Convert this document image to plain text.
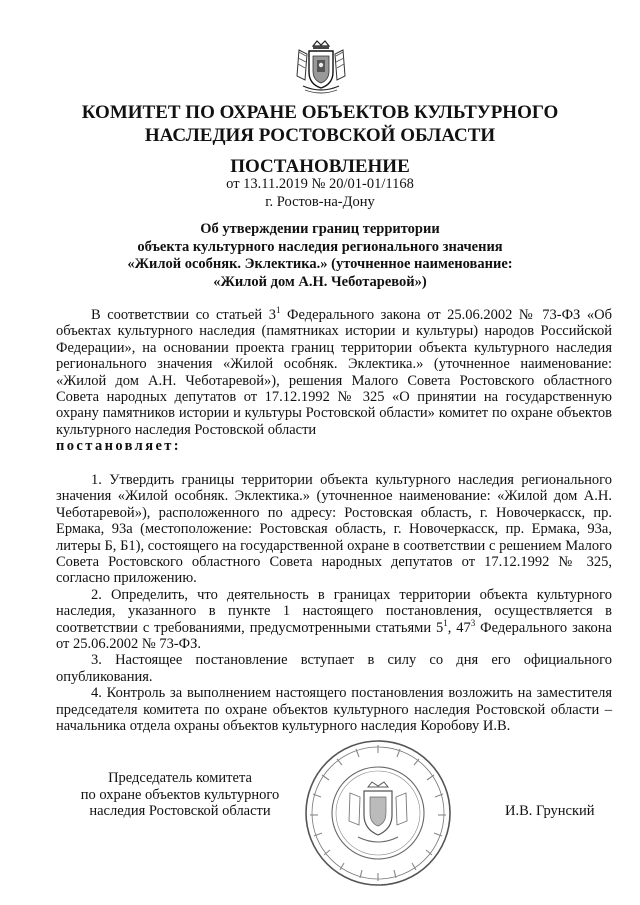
КОМИТЕТ ПО ОХРАНЕ ОБЪЕКТОВ КУЛЬТУРНОГО
НАСЛЕДИЯ РОСТОВСКОЙ ОБЛАСТИ
ПОСТАНОВЛЕНИЕ
от 13.11.2019 № 20/01-01/1168
г. Ростов-на-Дону
Об утверждении границ территории
объекта культурного наследия регионального значения
«Жилой особняк. Эклектика.» (уточненное наименование:
«Жилой дом А.Н. Чеботаревой»)

В соответствии со статьей $3^1$ Федерального закона от 25.06.2002 № 73-ФЗ «Об объектах культурного наследия (памятниках истории и культуры) народов Российской Федерации», на основании проекта границ территории объекта культурного наследия регионального значения «Жилой особняк. Эклектика.» (уточненное наименование: «Жилой дом А.Н. Чеботаревой»), решения Малого Совета Ростовского областного Совета народных депутатов от 17.12.1992 № 325 «О принятии на государственную охрану памятников истории и культуры Ростовской области» комитет по охране объектов культурного наследия Ростовской области

постановляет:

1. Утвердить границы территории объекта культурного наследия регионального значения «Жилой особняк. Эклектика.» (уточненное наименование: «Жилой дом А.Н. Чеботаревой»), расположенного по адресу: Ростовская область, г. Новочеркасск, пр. Ермака, 93а (местоположение: Ростовская область, г. Новочеркасск, пр. Ермака, 93а, литеры Б, Б1), состоящего на государственной охране в соответствии с решением Малого Совета Ростовского областного Совета народных депутатов от 17.12.1992 № 325, согласно приложению.

2. Определить, что деятельность в границах территории объекта культурного наследия, указанного в пункте 1 настоящего постановления, осуществляется в соответствии с требованиями, предусмотренными статьями $5^1$, $47^3$ Федерального закона от 25.06.2002 № 73-ФЗ.

3. Настоящее постановление вступает в силу со дня его официального опубликования.

4. Контроль за выполнением настоящего постановления возложить на заместителя председателя комитета по охране объектов культурного наследия Ростовской области – начальника отдела охраны объектов культурного наследия Коробову И.В.

Председатель комитета
по охране объектов культурного
наследия Ростовской области	И.В. Грунский
